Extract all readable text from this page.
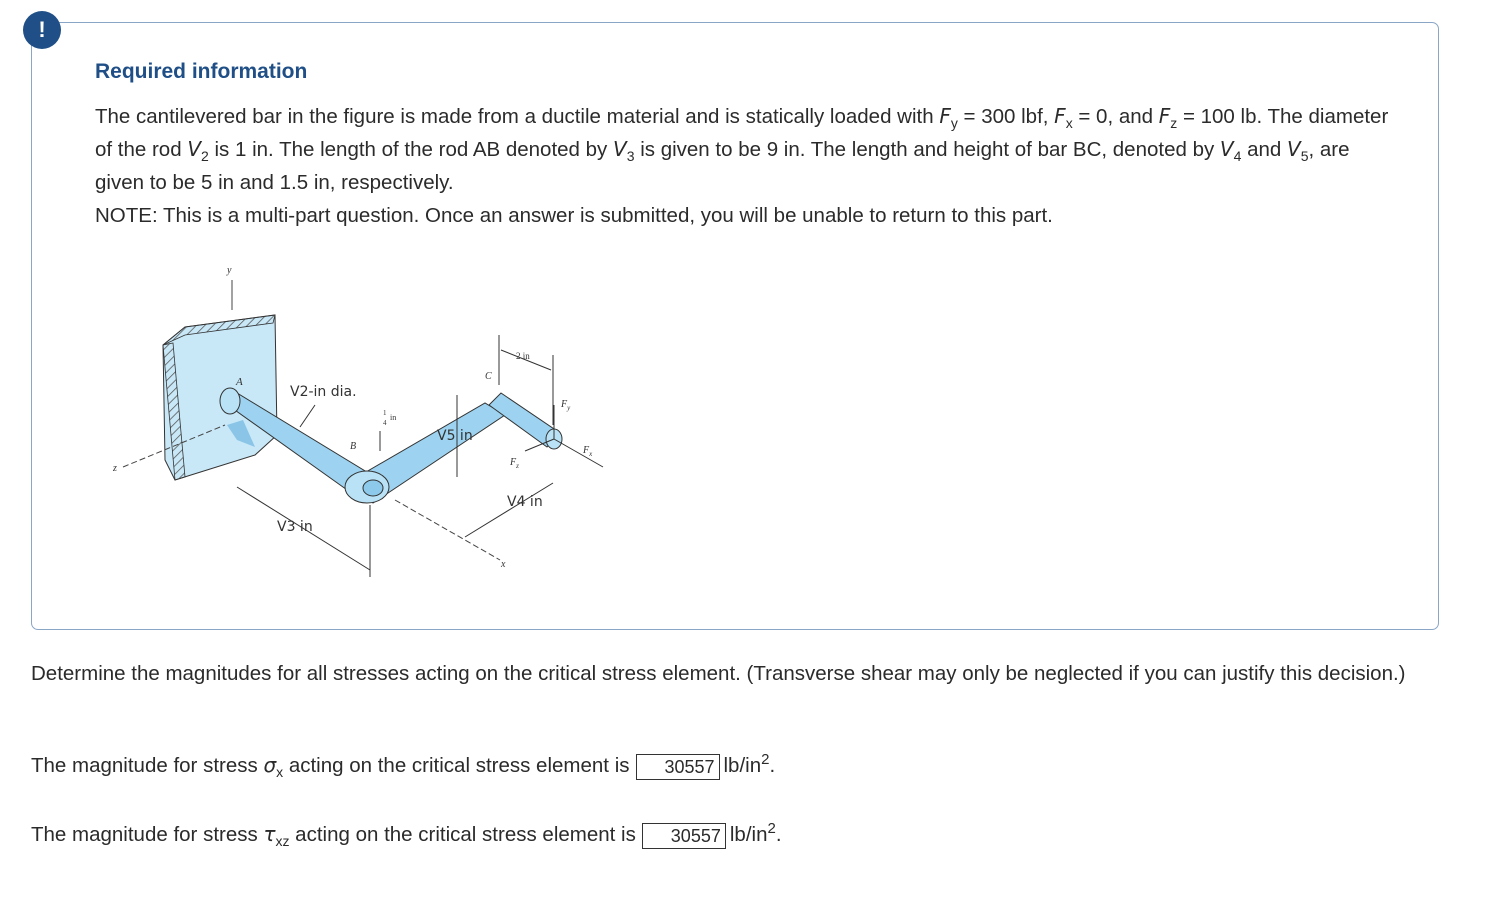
!
Required information

The cantilevered bar in the figure is made from a ductile material and is statically loaded with $F_y = 300$ lbf, $F_x = 0$, and $F_z = 100$ lb. The diameter of the rod $V_2$ is 1 in. The length of the rod AB denoted by $V_3$ is given to be 9 in. The length and height of bar BC, denoted by $V_4$ and $V_5$, are given to be 5 in and 1.5 in, respectively.
NOTE: This is a multi-part question. Once an answer is submitted, you will be unable to return to this part.

y
z
A
B
C
x
V3 in
V4 in
V2-in dia.
V5 in
1
4
in
2 in
$F_y$
$F_z$
$F_x$

Determine the magnitudes for all stresses acting on the critical stress element. (Transverse shear may only be neglected if you can justify this decision.)

The magnitude for stress $\sigma_x$ acting on the critical stress element is 30557 $lb/in^2$.
The magnitude for stress $\tau_{xz}$ acting on the critical stress element is 30557 $lb/in^2$.
